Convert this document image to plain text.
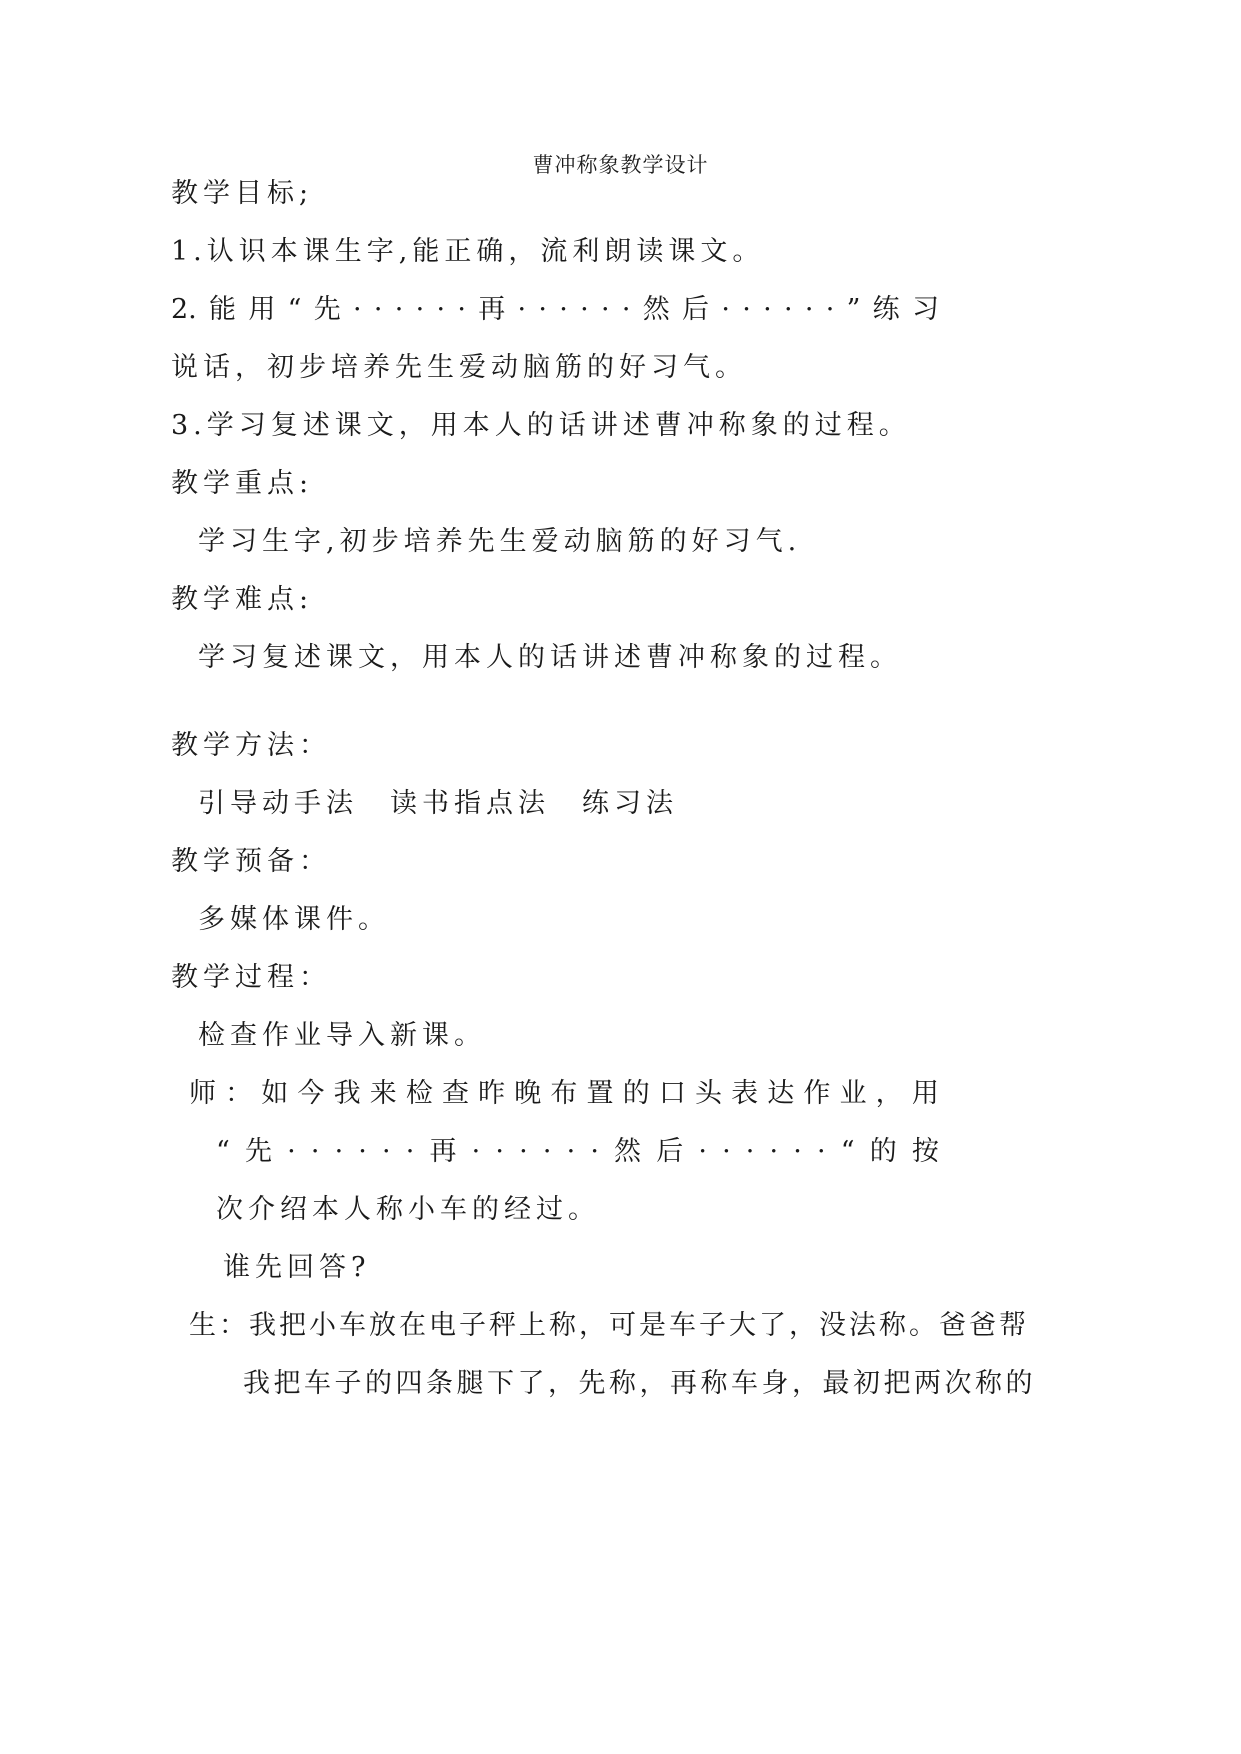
曹冲称象教学设计
教学目标;
1.认识本课生字,能正确，流利朗读课文。
2. 能 用 “ 先 · · · · · · 再 · · · · · · 然 后 · · · · · · ” 练 习
说话，初步培养先生爱动脑筋的好习气。
3.学习复述课文，用本人的话讲述曹冲称象的过程。
教学重点:
学习生字,初步培养先生爱动脑筋的好习气.
教学难点:
学习复述课文，用本人的话讲述曹冲称象的过程。
教学方法：
引导动手法　读书指点法　练习法
教学预备：
多媒体课件。
教学过程：
检查作业导入新课。
师 ： 如 今 我 来 检 查 昨 晚 布 置 的 口 头 表 达 作 业 ， 用
“ 先 · · · · · · 再 · · · · · · 然 后 · · · · · · “ 的 按
次介绍本人称小车的经过。
谁先回答?
生：我把小车放在电子秤上称，可是车子大了，没法称。爸爸帮
我把车子的四条腿下了，先称，再称车身，最初把两次称的
